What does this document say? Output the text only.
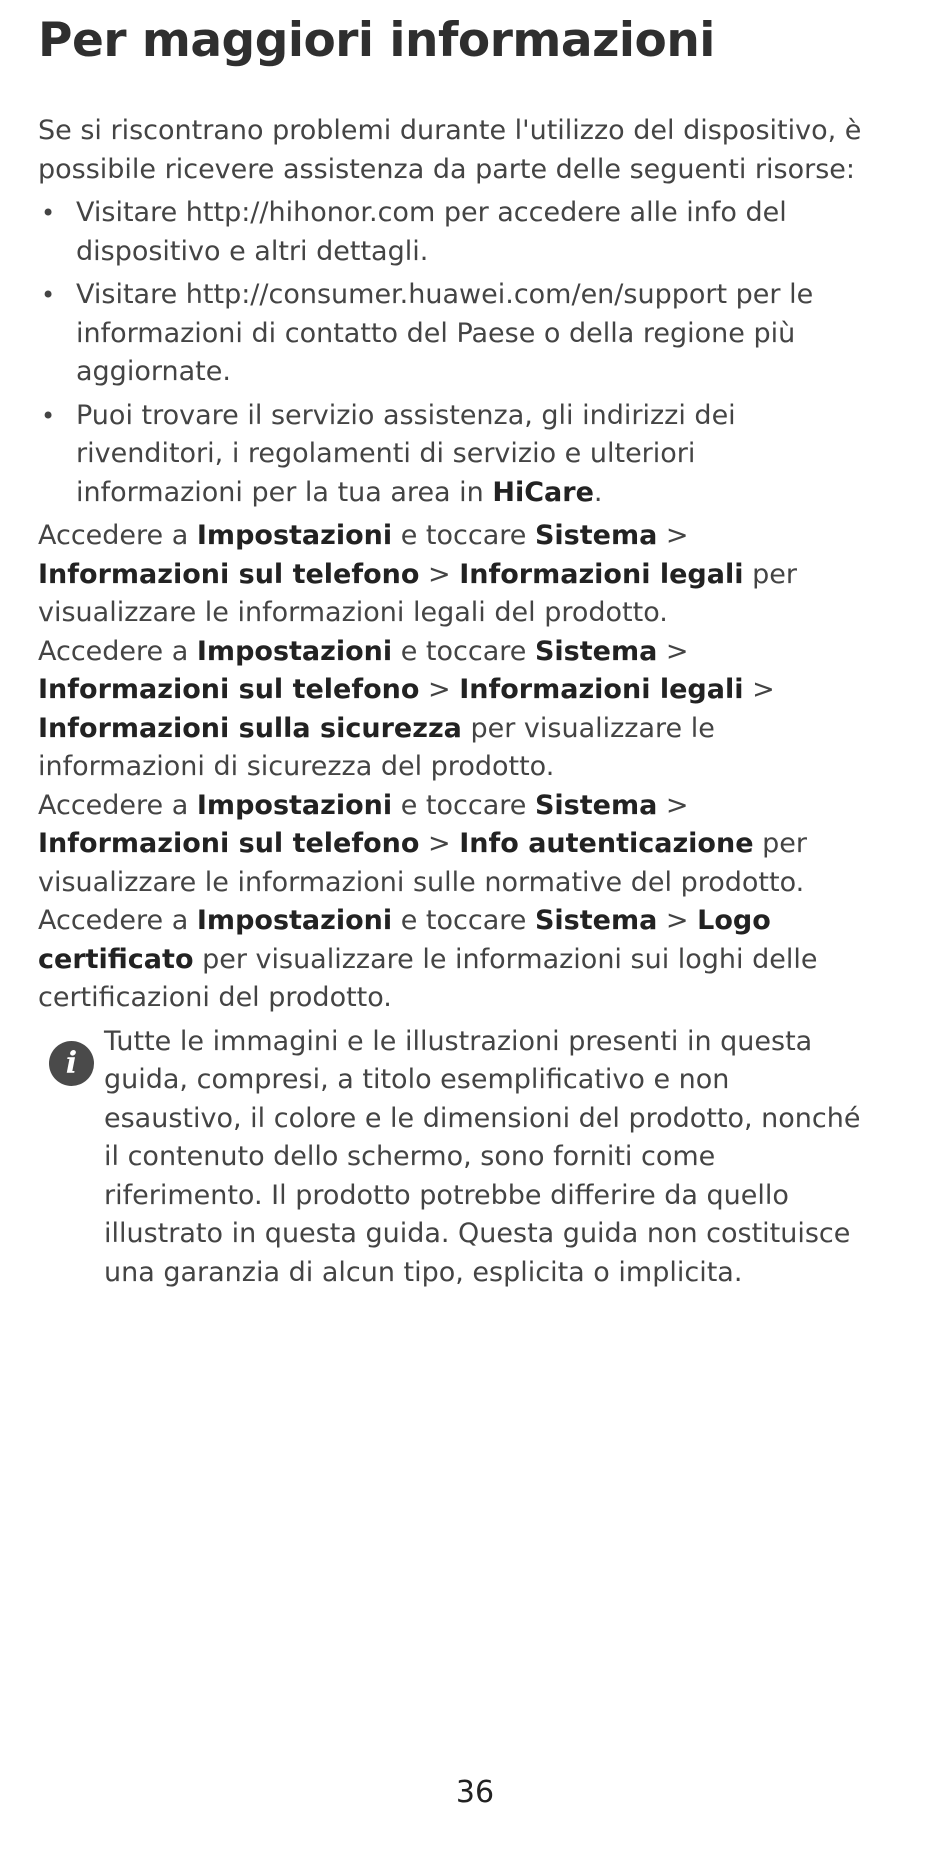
Per maggiori informazioni

Se si riscontrano problemi durante l'utilizzo del dispositivo, è possibile ricevere assistenza da parte delle seguenti risorse:

• Visitare http://hihonor.com per accedere alle info del dispositivo e altri dettagli.
• Visitare http://consumer.huawei.com/en/support per le informazioni di contatto del Paese o della regione più aggiornate.
• Puoi trovare il servizio assistenza, gli indirizzi dei rivenditori, i regolamenti di servizio e ulteriori informazioni per la tua area in HiCare.

Accedere a Impostazioni e toccare Sistema > Informazioni sul telefono > Informazioni legali per visualizzare le informazioni legali del prodotto.

Accedere a Impostazioni e toccare Sistema > Informazioni sul telefono > Informazioni legali > Informazioni sulla sicurezza per visualizzare le informazioni di sicurezza del prodotto.

Accedere a Impostazioni e toccare Sistema > Informazioni sul telefono > Info autenticazione per visualizzare le informazioni sulle normative del prodotto.

Accedere a Impostazioni e toccare Sistema > Logo certificato per visualizzare le informazioni sui loghi delle certificazioni del prodotto.

i

Tutte le immagini e le illustrazioni presenti in questa guida, compresi, a titolo esemplificativo e non esaustivo, il colore e le dimensioni del prodotto, nonché il contenuto dello schermo, sono forniti come riferimento. Il prodotto potrebbe differire da quello illustrato in questa guida. Questa guida non costituisce una garanzia di alcun tipo, esplicita o implicita.

36
